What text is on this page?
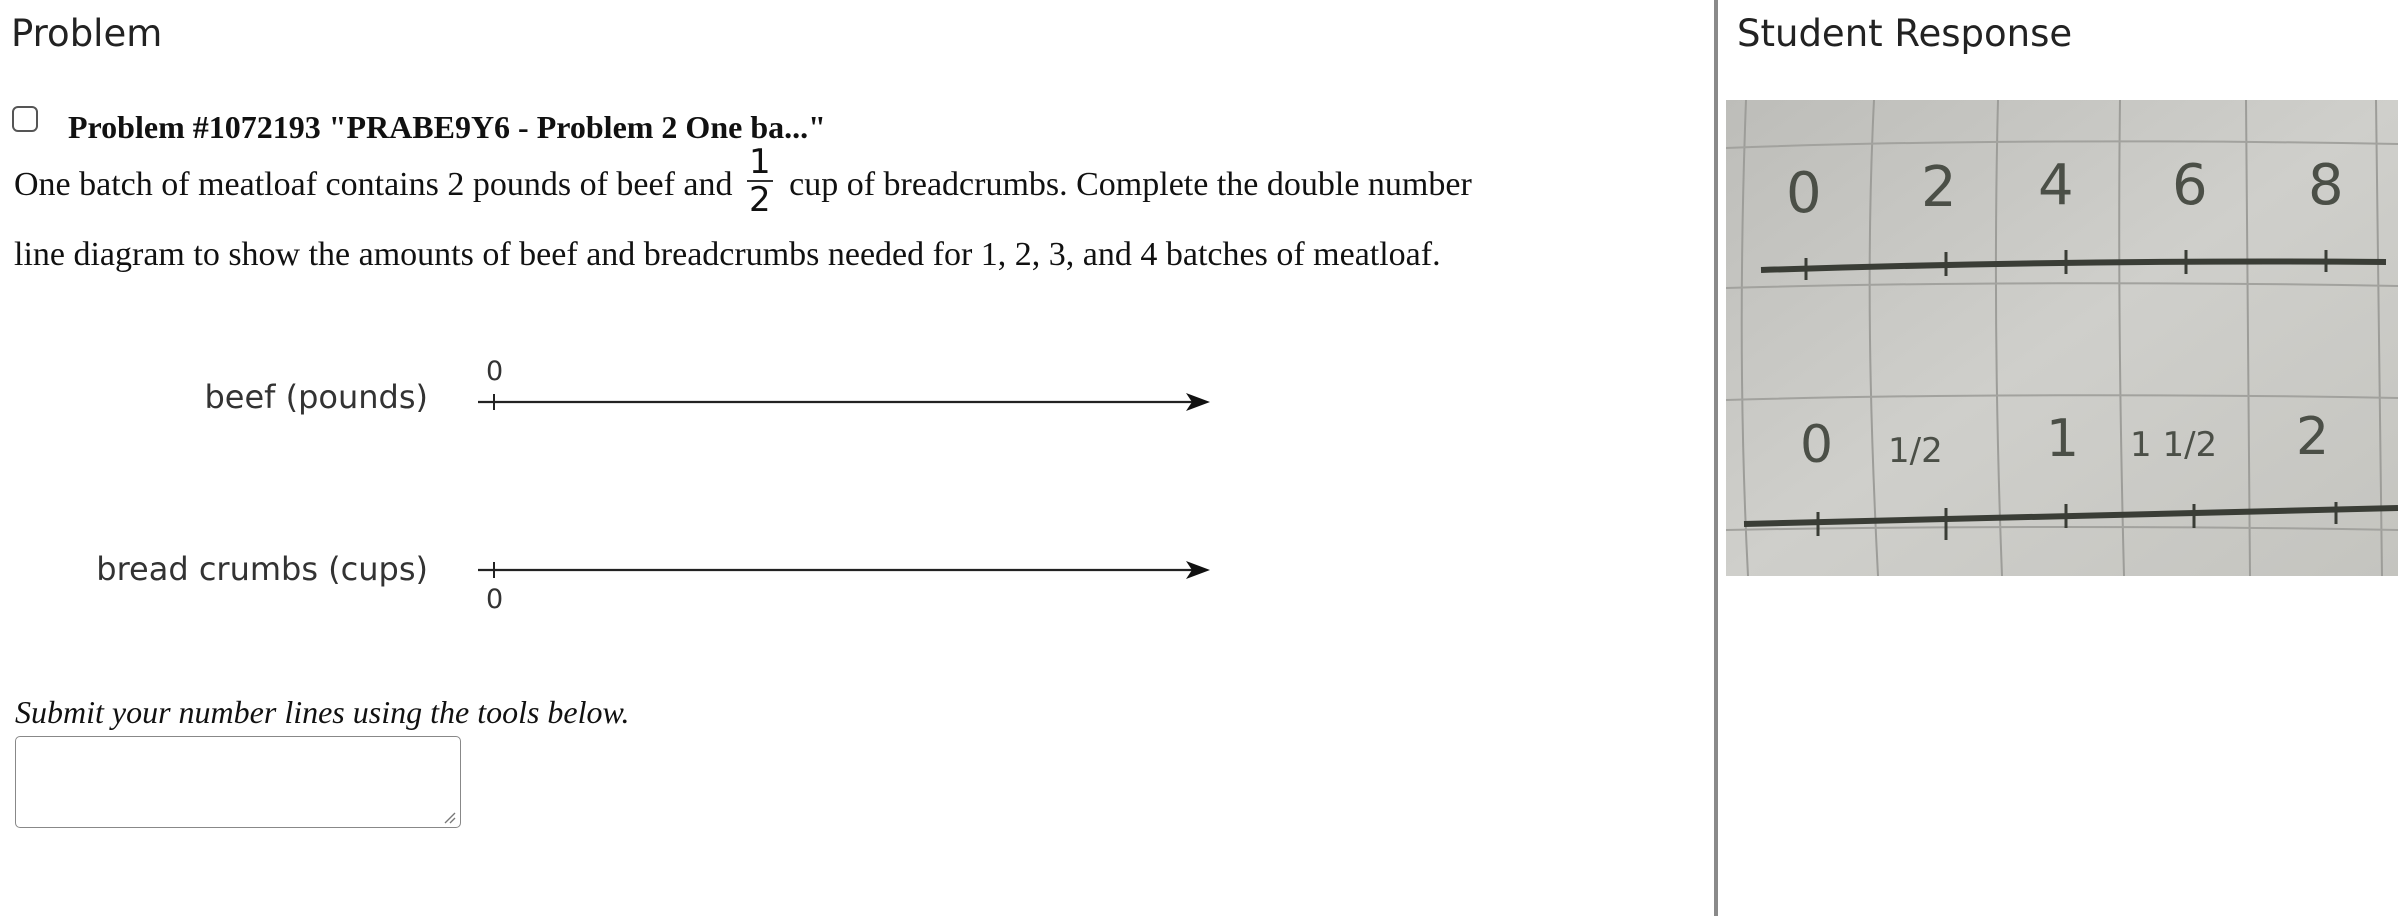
Problem
Problem #1072193 "PRABE9Y6 - Problem 2 One ba..."
One batch of meatloaf contains 2 pounds of beef and $\frac{1}{2}$ cup of breadcrumbs. Complete the double number
line diagram to show the amounts of beef and breadcrumbs needed for 1, 2, 3, and 4 batches of meatloaf.
beef (pounds)
0
bread crumbs (cups)
0
Submit your number lines using the tools below.
Student Response
0 2 4 6 8
0 1/2 1 1 1/2 2
